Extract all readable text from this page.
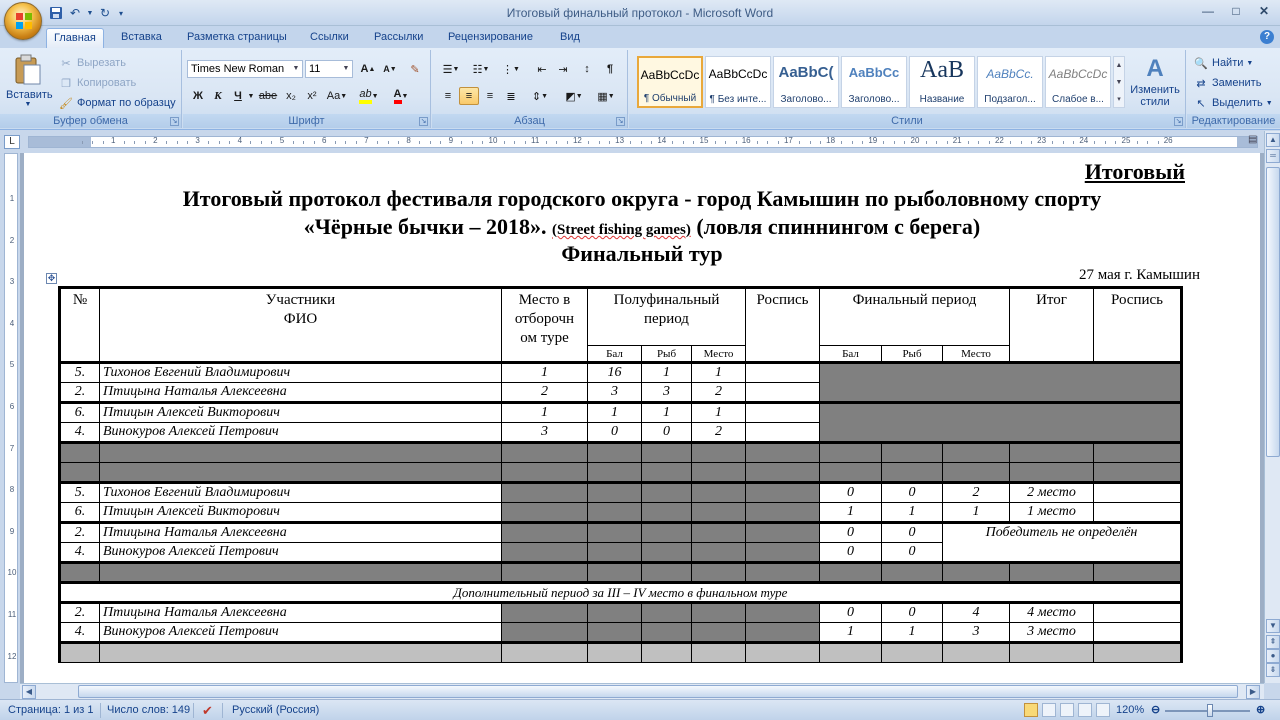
↶ ▼ ↻	▾	Итоговый финальный протокол - Microsoft Word	—	□	✕
Главная	Вставка	Разметка страницы	Ссылки	Рассылки	Рецензирование	Вид	?
Вставить
▼
✂ Вырезать
❐ Копировать
🖌 Формат по образцу
Буфер обмена	↘
Times New Roman ▼ 11	▼ A ▲ A ▼	✎
Ж	К	Ч ▼ abe x₂	x² Aa ▼ ab ▼ A ▼
Шрифт	↘
☰ ▼	☷ ▼	⋮ ▼	⇤	⇥	↕	¶
≡	≡	≡	≣	⇕ ▼	◩ ▼	▦ ▼
Абзац	↘
AaBbCcDc
¶ Обычный
AaBbCcDc
¶ Без инте...
AaBbC(
Заголово...
AaBbCc
Заголово...
AaB
Название
AaBbCc.
Подзагол...
AaBbCcDc
Слабое в...
▲
▼
▾
A
Изменить стили
Стили	↘
🔍 Найти ▼
⇄ Заменить
↖ Выделить ▼
Редактирование
L	1	2	3	4	5	6	7	8	9	10	11	12	13	14	15	16	17	18	19	20	21	22	23	24	25	26	▤
1
2
3
4
5
6
7
8
9
10
11
12
Итоговый
Итоговый протокол фестиваля городского округа - город Камышин по рыболовному спорту
«Чёрные бычки – 2018». (Street fishing games) (ловля спиннингом с берега)
Финальный тур
27 мая г. Камышин
✥
№	Участники
ФИО	Место в отборочн ом туре	Полуфинальный период			Роспись	Финальный период			Итог	Роспись
			Бал	Рыб	Место		Бал	Рыб	Место		
5.	Тихонов Евгений Владимирович	1	16	1	1						
2.	Птицына Наталья Алексеевна	2	3	3	2						
6.	Птицын Алексей Викторович	1	1	1	1						
4.	Винокуров Алексей Петрович	3	0	0	2						

5.	Тихонов Евгений Владимирович						0	0	2	2 место	
6.	Птицын Алексей Викторович						1	1	1	1 место	
2.	Птицына Наталья Алексеевна						0	0	Победитель не определён		
4.	Винокуров Алексей Петрович						0	0			

Дополнительный период за III – IV место в финальном туре											
2.	Птицына Наталья Алексеевна						0	0	4	4 место	
4.	Винокуров Алексей Петрович						1	1	3	3 место	

▲
═
▼
⇞
●
⇟
◀	▶
Страница: 1 из 1 Число слов: 149 ✔ Русский (Россия)	120% ⊖	⊕
